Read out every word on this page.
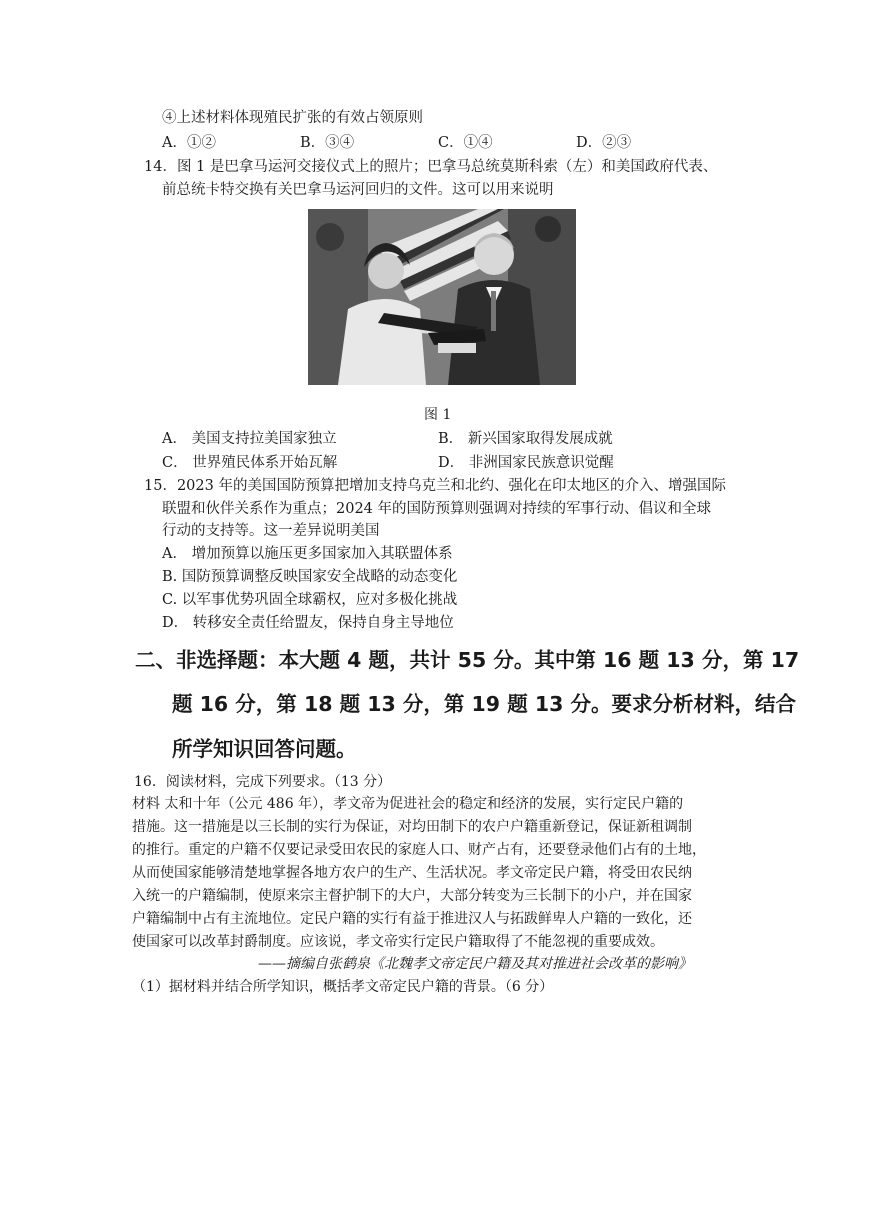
④上述材料体现殖民扩张的有效占领原则
A．①②	B．③④	C．①④	D．②③
14．图 1 是巴拿马运河交接仪式上的照片；巴拿马总统莫斯科索（左）和美国政府代表、
前总统卡特交换有关巴拿马运河回归的文件。这可以用来说明
图 1
A． 美国支持拉美国家独立	B． 新兴国家取得发展成就
C． 世界殖民体系开始瓦解	D． 非洲国家民族意识觉醒
15．2023 年的美国国防预算把增加支持乌克兰和北约、强化在印太地区的介入、增强国际
联盟和伙伴关系作为重点；2024 年的国防预算则强调对持续的军事行动、倡议和全球
行动的支持等。这一差异说明美国
A． 增加预算以施压更多国家加入其联盟体系
B. 国防预算调整反映国家安全战略的动态变化
C. 以军事优势巩固全球霸权，应对多极化挑战
D． 转移安全责任给盟友，保持自身主导地位
二、非选择题：本大题 4 题，共计 55 分。其中第 16 题 13 分，第 17
题 16 分，第 18 题 13 分，第 19 题 13 分。要求分析材料，结合
所学知识回答问题。
16．阅读材料，完成下列要求。（13 分）
材料 太和十年（公元 486 年），孝文帝为促进社会的稳定和经济的发展，实行定民户籍的
措施。这一措施是以三长制的实行为保证，对均田制下的农户户籍重新登记，保证新租调制
的推行。重定的户籍不仅要记录受田农民的家庭人口、财产占有，还要登录他们占有的土地，
从而使国家能够清楚地掌握各地方农户的生产、生活状况。孝文帝定民户籍，将受田农民纳
入统一的户籍编制，使原来宗主督护制下的大户，大部分转变为三长制下的小户，并在国家
户籍编制中占有主流地位。定民户籍的实行有益于推进汉人与拓跋鲜卑人户籍的一致化，还
使国家可以改革封爵制度。应该说，孝文帝实行定民户籍取得了不能忽视的重要成效。
——摘编自张鹤泉《北魏孝文帝定民户籍及其对推进社会改革的影响》
（1）据材料并结合所学知识，概括孝文帝定民户籍的背景。（6 分）
